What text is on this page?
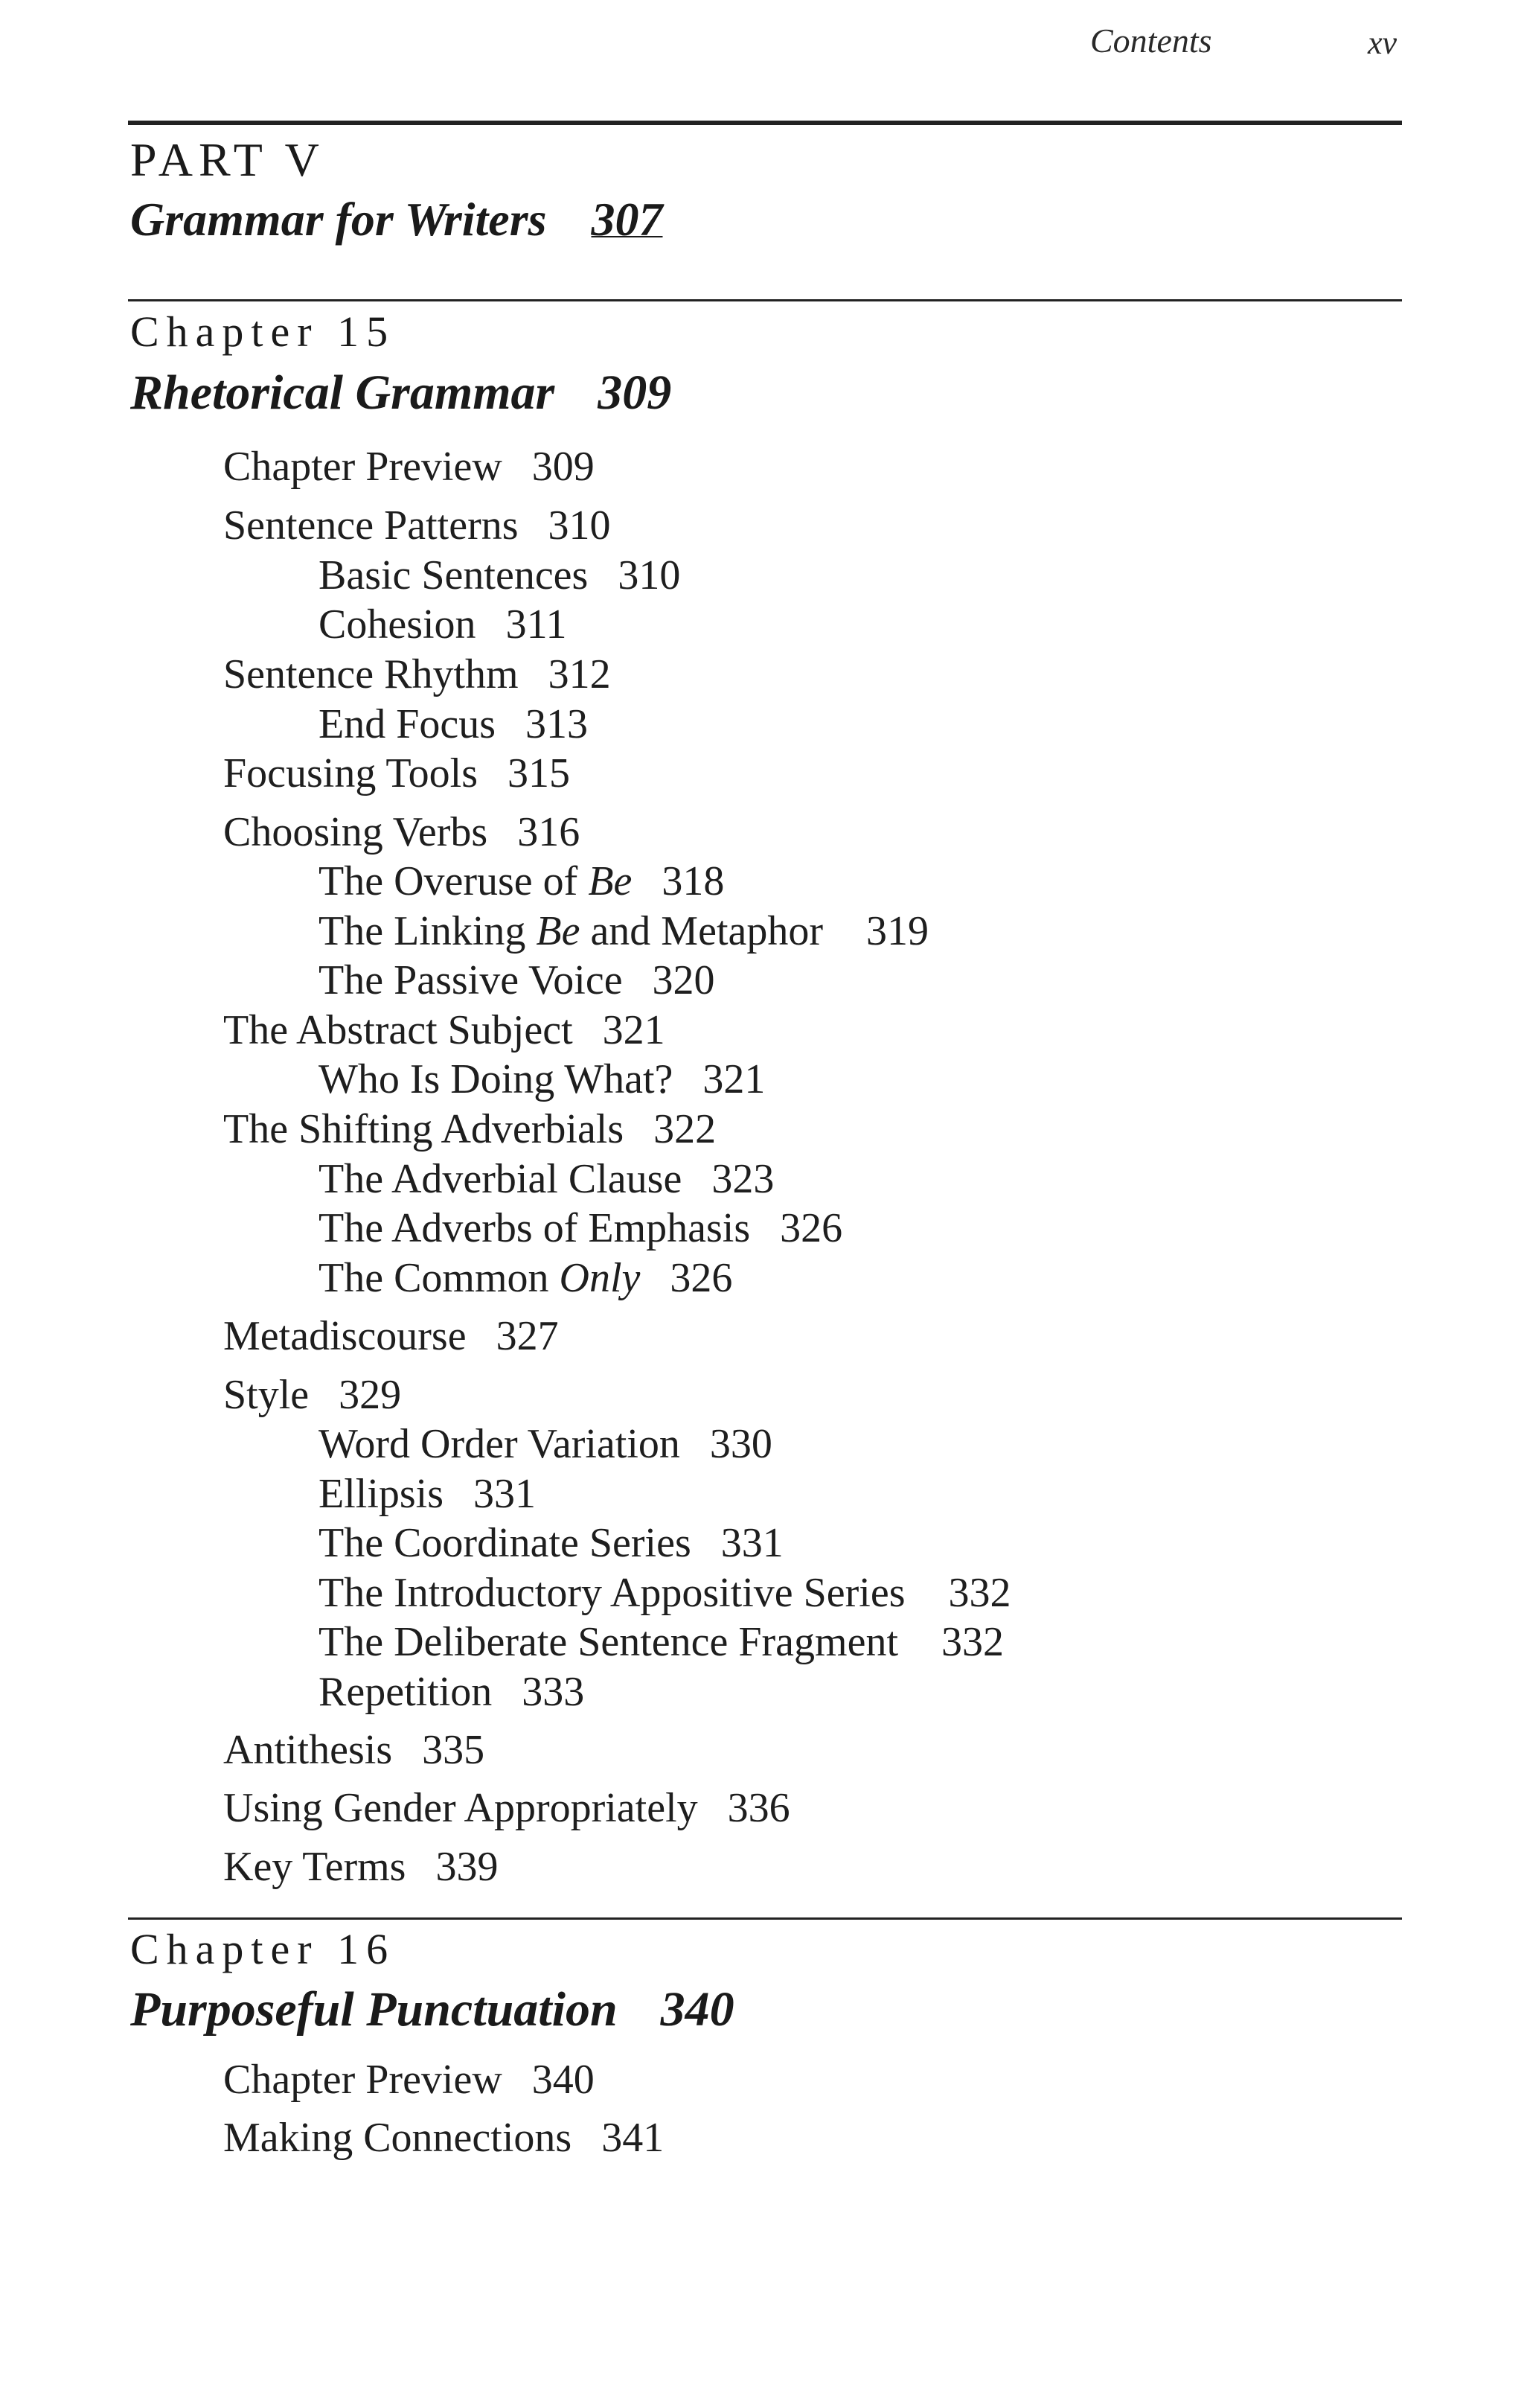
Contents	xv
PART V
Grammar for Writers 307
Chapter 15
Rhetorical Grammar 309
Chapter Preview 309
Sentence Patterns 310
Basic Sentences 310
Cohesion 311
Sentence Rhythm 312
End Focus 313
Focusing Tools 315
Choosing Verbs 316
The Overuse of Be 318
The Linking Be and Metaphor 319
The Passive Voice 320
The Abstract Subject 321
Who Is Doing What? 321
The Shifting Adverbials 322
The Adverbial Clause 323
The Adverbs of Emphasis 326
The Common Only 326
Metadiscourse 327
Style 329
Word Order Variation 330
Ellipsis 331
The Coordinate Series 331
The Introductory Appositive Series 332
The Deliberate Sentence Fragment 332
Repetition 333
Antithesis 335
Using Gender Appropriately 336
Key Terms 339
Chapter 16
Purposeful Punctuation 340
Chapter Preview 340
Making Connections 341
